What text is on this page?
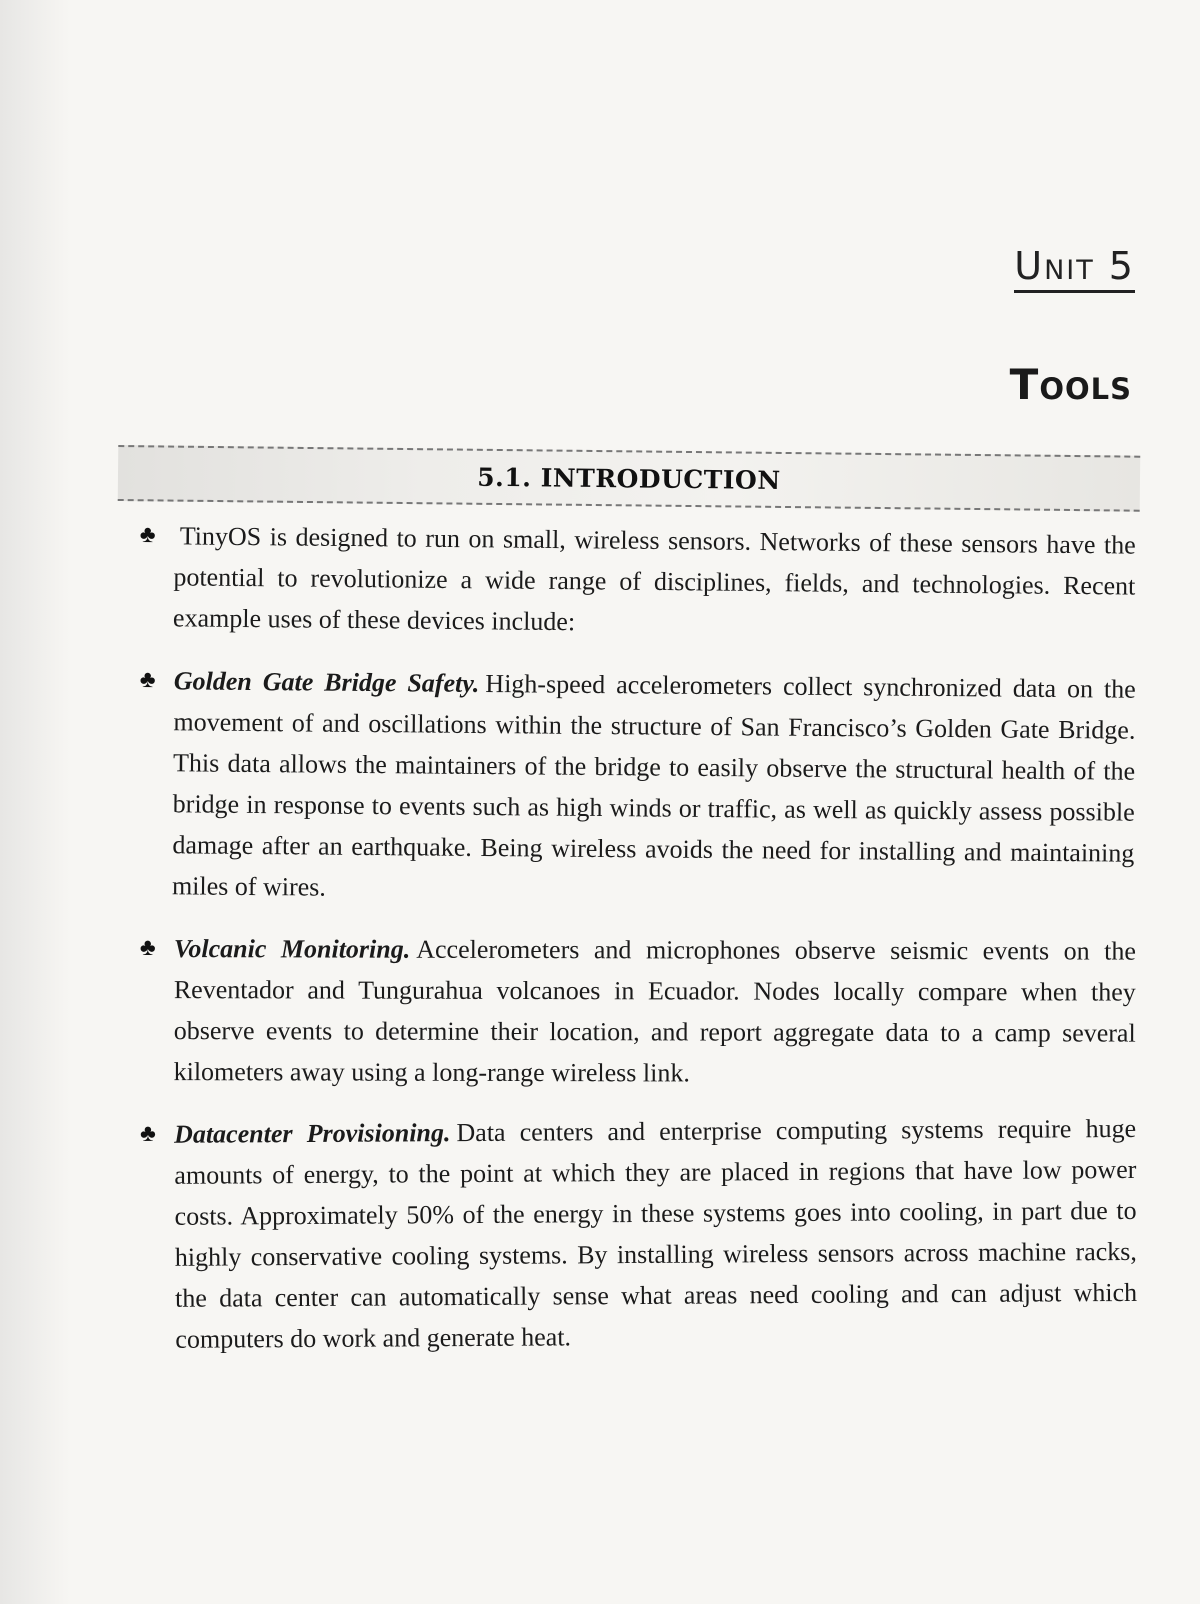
Unit 5
Tools
5.1. INTRODUCTION
♣ TinyOS is designed to run on small, wireless sensors. Networks of these sensors have the potential to revolutionize a wide range of disciplines, fields, and technologies. Recent example uses of these devices include:
♣ Golden Gate Bridge Safety. High-speed accelerometers collect synchronized data on the movement of and oscillations within the structure of San Francisco’s Golden Gate Bridge. This data allows the maintainers of the bridge to easily observe the structural health of the bridge in response to events such as high winds or traffic, as well as quickly assess possible damage after an earthquake. Being wireless avoids the need for installing and maintaining miles of wires.
♣ Volcanic Monitoring. Accelerometers and microphones observe seismic events on the Reventador and Tungurahua volcanoes in Ecuador. Nodes locally compare when they observe events to determine their location, and report aggregate data to a camp several kilometers away using a long-range wireless link.
♣ Datacenter Provisioning. Data centers and enterprise computing systems require huge amounts of energy, to the point at which they are placed in regions that have low power costs. Approximately 50% of the energy in these systems goes into cooling, in part due to highly conservative cooling systems. By installing wireless sensors across machine racks, the data center can automatically sense what areas need cooling and can adjust which computers do work and generate heat.
